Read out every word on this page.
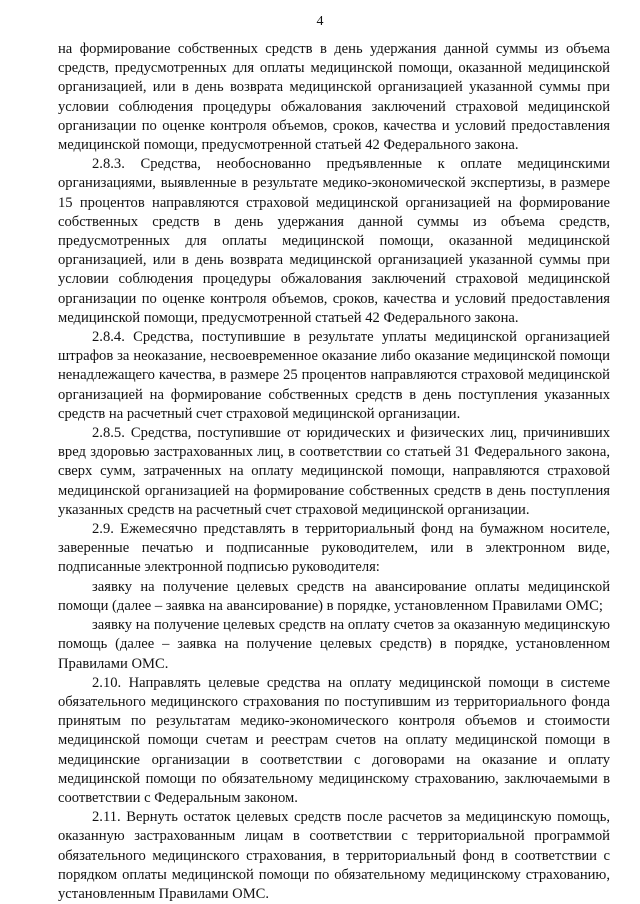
4

на формирование собственных средств в день удержания данной суммы из объема средств, предусмотренных для оплаты медицинской помощи, оказанной медицинской организацией, или в день возврата медицинской организацией указанной суммы при условии соблюдения процедуры обжалования заключений страховой медицинской организации по оценке контроля объемов, сроков, качества и условий предоставления медицинской помощи, предусмотренной статьей 42 Федерального закона.

2.8.3. Средства, необоснованно предъявленные к оплате медицинскими организациями, выявленные в результате медико-экономической экспертизы, в размере 15 процентов направляются страховой медицинской организацией на формирование собственных средств в день удержания данной суммы из объема средств, предусмотренных для оплаты медицинской помощи, оказанной медицинской организацией, или в день возврата медицинской организацией указанной суммы при условии соблюдения процедуры обжалования заключений страховой медицинской организации по оценке контроля объемов, сроков, качества и условий предоставления медицинской помощи, предусмотренной статьей 42 Федерального закона.

2.8.4. Средства, поступившие в результате уплаты медицинской организацией штрафов за неоказание, несвоевременное оказание либо оказание медицинской помощи ненадлежащего качества, в размере 25 процентов направляются страховой медицинской организацией на формирование собственных средств в день поступления указанных средств на расчетный счет страховой медицинской организации.

2.8.5. Средства, поступившие от юридических и физических лиц, причинивших вред здоровью застрахованных лиц, в соответствии со статьей 31 Федерального закона, сверх сумм, затраченных на оплату медицинской помощи, направляются страховой медицинской организацией на формирование собственных средств в день поступления указанных средств на расчетный счет страховой медицинской организации.

2.9. Ежемесячно представлять в территориальный фонд на бумажном носителе, заверенные печатью и подписанные руководителем, или в электронном виде, подписанные электронной подписью руководителя:

заявку на получение целевых средств на авансирование оплаты медицинской помощи (далее – заявка на авансирование) в порядке, установленном Правилами ОМС;

заявку на получение целевых средств на оплату счетов за оказанную медицинскую помощь (далее – заявка на получение целевых средств) в порядке, установленном Правилами ОМС.

2.10. Направлять целевые средства на оплату медицинской помощи в системе обязательного медицинского страхования по поступившим из территориального фонда принятым по результатам медико-экономического контроля объемов и стоимости медицинской помощи счетам и реестрам счетов на оплату медицинской помощи в медицинские организации в соответствии с договорами на оказание и оплату медицинской помощи по обязательному медицинскому страхованию, заключаемыми в соответствии с Федеральным законом.

2.11. Вернуть остаток целевых средств после расчетов за медицинскую помощь, оказанную застрахованным лицам в соответствии с территориальной программой обязательного медицинского страхования, в территориальный фонд в соответствии с порядком оплаты медицинской помощи по обязательному медицинскому страхованию, установленным Правилами ОМС.
